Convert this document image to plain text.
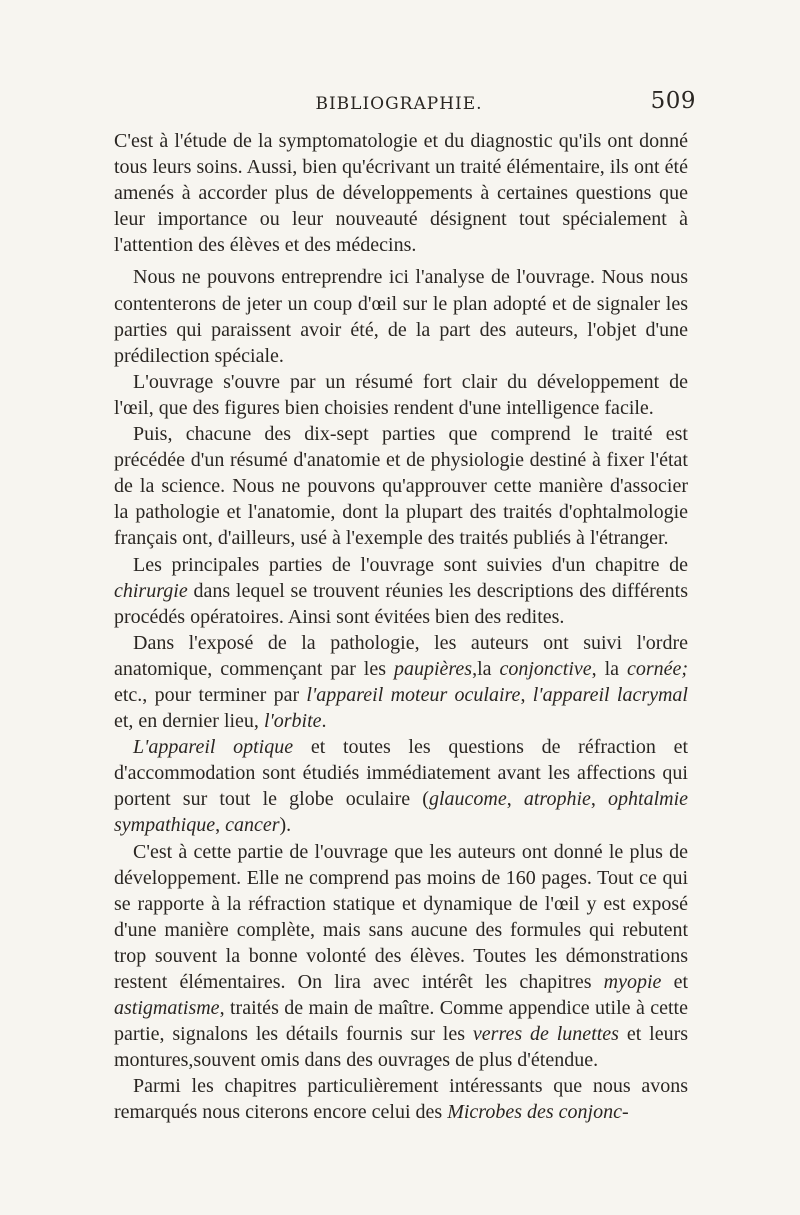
BIBLIOGRAPHIE.	509

C'est à l'étude de la symptomatologie et du diagnostic qu'ils ont donné tous leurs soins. Aussi, bien qu'écrivant un traité élémentaire, ils ont été amenés à accorder plus de développements à certaines questions que leur importance ou leur nouveauté désignent tout spécialement à l'attention des élèves et des médecins.

Nous ne pouvons entreprendre ici l'analyse de l'ouvrage. Nous nous contenterons de jeter un coup d'œil sur le plan adopté et de signaler les parties qui paraissent avoir été, de la part des auteurs, l'objet d'une prédilection spéciale.

L'ouvrage s'ouvre par un résumé fort clair du développement de l'œil, que des figures bien choisies rendent d'une intelligence facile.

Puis, chacune des dix-sept parties que comprend le traité est précédée d'un résumé d'anatomie et de physiologie destiné à fixer l'état de la science. Nous ne pouvons qu'approuver cette manière d'associer la pathologie et l'anatomie, dont la plupart des traités d'ophtalmologie français ont, d'ailleurs, usé à l'exemple des traités publiés à l'étranger.

Les principales parties de l'ouvrage sont suivies d'un chapitre de chirurgie dans lequel se trouvent réunies les descriptions des différents procédés opératoires. Ainsi sont évitées bien des redites.

Dans l'exposé de la pathologie, les auteurs ont suivi l'ordre anatomique, commençant par les paupières,la conjonctive, la cornée; etc., pour terminer par l'appareil moteur oculaire, l'appareil lacrymal et, en dernier lieu, l'orbite.

L'appareil optique et toutes les questions de réfraction et d'accommodation sont étudiés immédiatement avant les affections qui portent sur tout le globe oculaire (glaucome, atrophie, ophtalmie sympathique, cancer).

C'est à cette partie de l'ouvrage que les auteurs ont donné le plus de développement. Elle ne comprend pas moins de 160 pages. Tout ce qui se rapporte à la réfraction statique et dynamique de l'œil y est exposé d'une manière complète, mais sans aucune des formules qui rebutent trop souvent la bonne volonté des élèves. Toutes les démonstrations restent élémentaires. On lira avec intérêt les chapitres myopie et astigmatisme, traités de main de maître. Comme appendice utile à cette partie, signalons les détails fournis sur les verres de lunettes et leurs montures,souvent omis dans des ouvrages de plus d'étendue.

Parmi les chapitres particulièrement intéressants que nous avons remarqués nous citerons encore celui des Microbes des conjonc-
